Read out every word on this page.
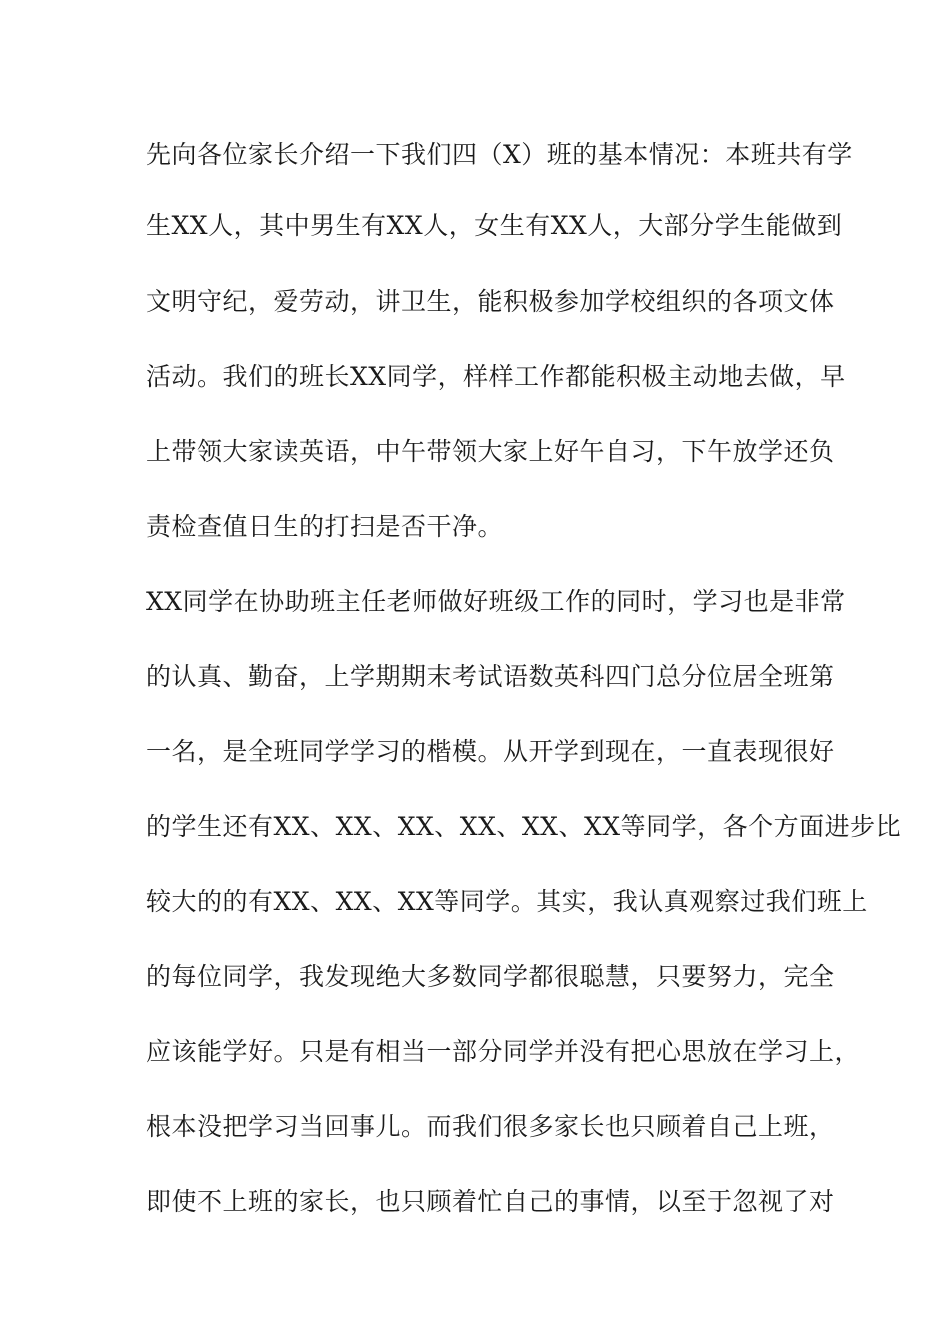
先向各位家长介绍一下我们四（X）班的基本情况：本班共有学
生XX人，其中男生有XX人，女生有XX人，大部分学生能做到
文明守纪，爱劳动，讲卫生，能积极参加学校组织的各项文体
活动。我们的班长XX同学，样样工作都能积极主动地去做，早
上带领大家读英语，中午带领大家上好午自习，下午放学还负
责检查值日生的打扫是否干净。
XX同学在协助班主任老师做好班级工作的同时，学习也是非常
的认真、勤奋，上学期期末考试语数英科四门总分位居全班第
一名，是全班同学学习的楷模。从开学到现在，一直表现很好
的学生还有XX、XX、XX、XX、XX、XX等同学，各个方面进步比
较大的的有XX、XX、XX等同学。其实，我认真观察过我们班上
的每位同学，我发现绝大多数同学都很聪慧，只要努力，完全
应该能学好。只是有相当一部分同学并没有把心思放在学习上，
根本没把学习当回事儿。而我们很多家长也只顾着自己上班，
即使不上班的家长，也只顾着忙自己的事情，以至于忽视了对
